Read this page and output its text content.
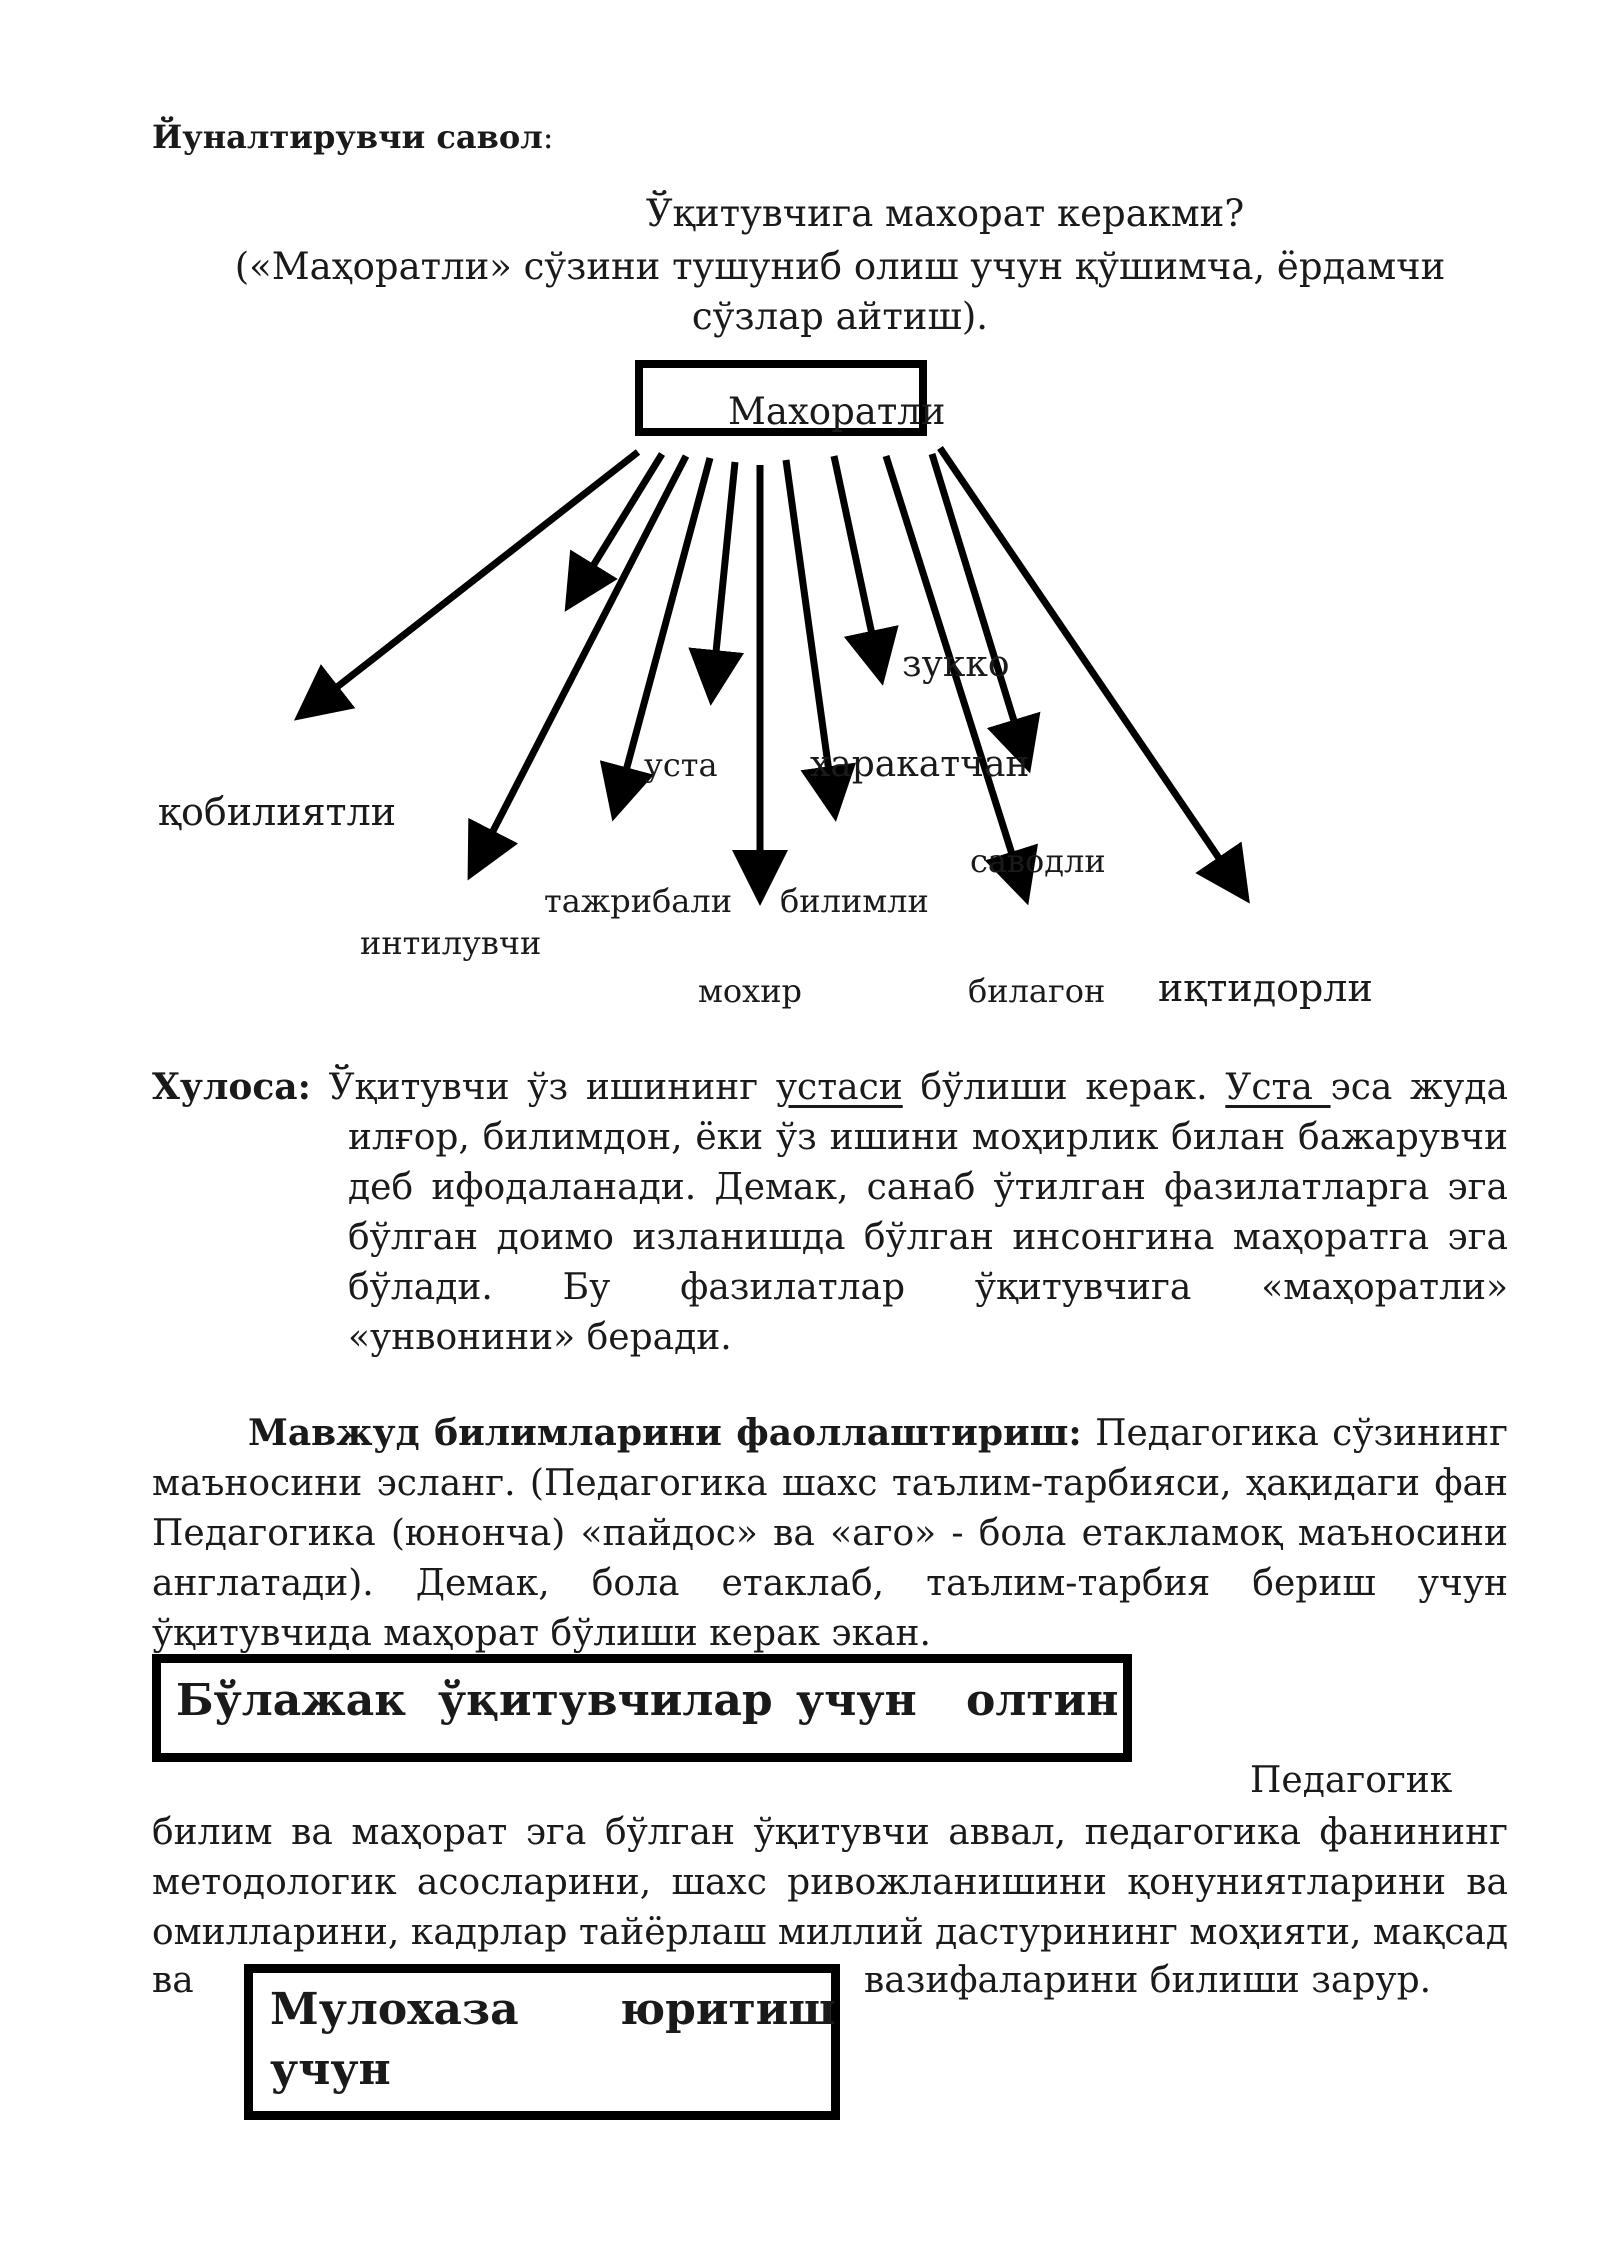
Йуналтирувчи савол:
Ўқитувчига махорат керакми?
(«Маҳоратли» сўзини тушуниб олиш учун қўшимча, ёрдамчи сўзлар айтиш).
Махоратли
қобилиятли
интилувчи
тажрибали
уста
мохир
билимли
харакатчан
зукко
саводли
билагон иқтидорли
Хулоса: Ўқитувчи ўз ишининг устаси бўлиши керак. Уста эса жуда илғор, билимдон, ёки ўз ишини моҳирлик билан бажарувчи деб ифодаланади. Демак, санаб ўтилган фазилатларга эга бўлган доимо изланишда бўлган инсонгина маҳоратга эга бўлади. Бу фазилатлар ўқитувчига «маҳоратли» «унвонини» беради.
Мавжуд билимларини фаоллаштириш: Педагогика сўзининг маъносини эсланг. (Педагогика шахс таълим-тарбияси, ҳақидаги фан Педагогика (юнонча) «пайдос» ва «аго» - бола етакламоқ маъносини англатади). Демак, бола етаклаб, таълим-тарбия бериш учун ўқитувчида маҳорат бўлиши керак экан.
Бўлажак ўқитувчилар учун олтин
Педагогик
билим ва маҳорат эга бўлган ўқитувчи аввал, педагогика фанининг
методологик асосларини, шахс ривожланишини қонуниятларини ва
омилларини, кадрлар тайёрлаш миллий дастурининг моҳияти, мақсад
ва	вазифаларини билиши зарур.
Мулохаза юритиш
учун
